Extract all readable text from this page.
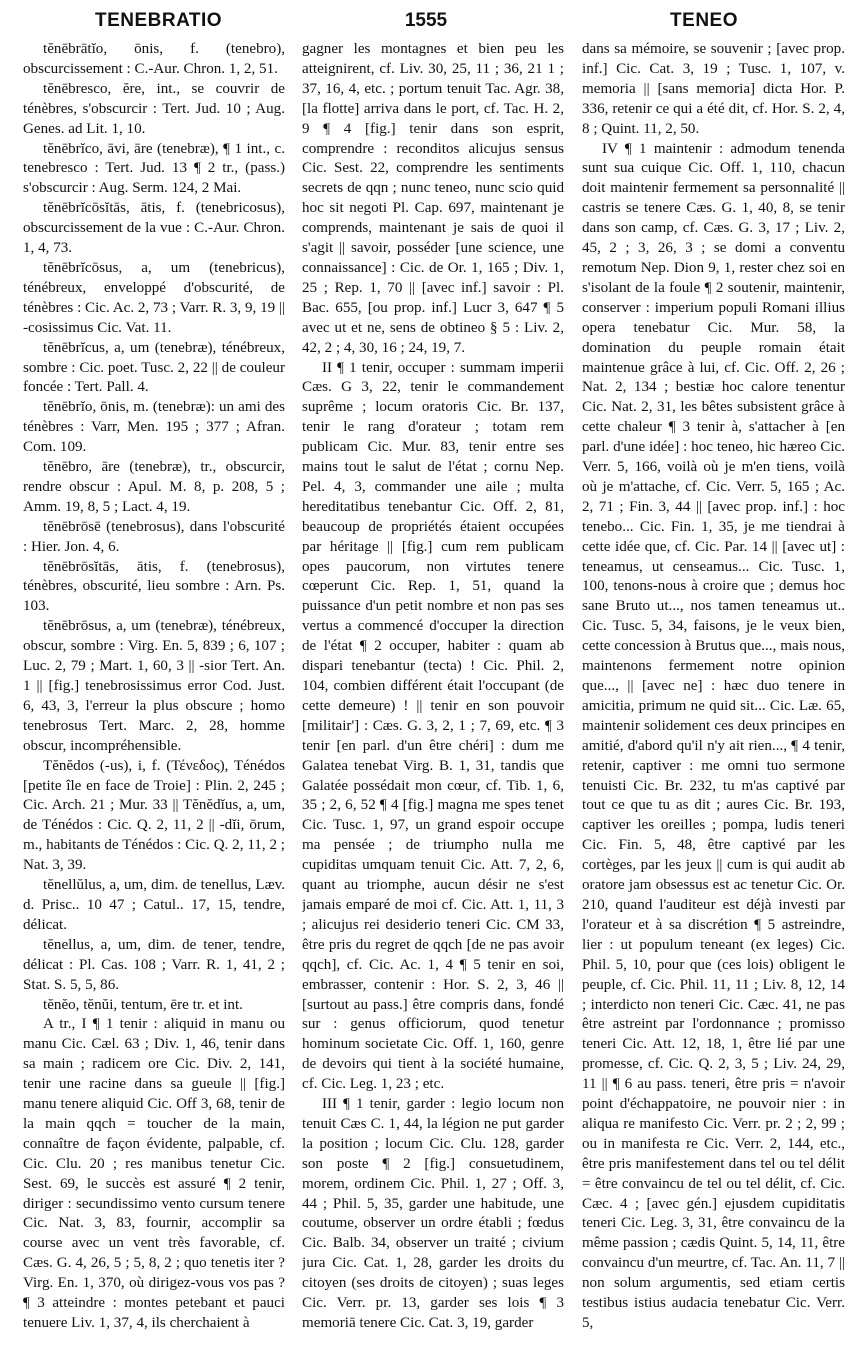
TENEBRATIO	1555	TENEO

tĕnēbrātĭo, ōnis, f. (tenebro), obscurcissement : C.-Aur. Chron. 1, 2, 51.

tĕnēbresco, ĕre, int., se couvrir de ténèbres, s'obscurcir : Tert. Jud. 10 ; Aug. Genes. ad Lit. 1, 10.

tĕnēbrĭco, āvi, āre (tenebræ), ¶ 1 int., c. tenebresco : Tert. Jud. 13 ¶ 2 tr., (pass.) s'obscurcir : Aug. Serm. 124, 2 Mai.

tĕnēbrĭcōsĭtās, ātis, f. (tenebricosus), obscurcissement de la vue : C.-Aur. Chron. 1, 4, 73.

tĕnēbrĭcōsus, a, um (tenebricus), ténébreux, enveloppé d'obscurité, de ténèbres : Cic. Ac. 2, 73 ; Varr. R. 3, 9, 19 || -cosissimus Cic. Vat. 11.

tĕnēbrĭcus, a, um (tenebræ), ténébreux, sombre : Cic. poet. Tusc. 2, 22 || de couleur foncée : Tert. Pall. 4.

tĕnēbrĭo, ōnis, m. (tenebræ): un ami des ténèbres : Varr, Men. 195 ; 377 ; Afran. Com. 109.

tĕnēbro, āre (tenebræ), tr., obscurcir, rendre obscur : Apul. M. 8, p. 208, 5 ; Amm. 19, 8, 5 ; Lact. 4, 19.

tĕnēbrōsē (tenebrosus), dans l'obscurité : Hier. Jon. 4, 6.

tĕnēbrōsĭtās, ātis, f. (tenebrosus), ténèbres, obscurité, lieu sombre : Arn. Ps. 103.

tĕnēbrōsus, a, um (tenebræ), ténébreux, obscur, sombre : Virg. En. 5, 839 ; 6, 107 ; Luc. 2, 79 ; Mart. 1, 60, 3 || -sior Tert. An. 1 || [fig.] tenebrosissimus error Cod. Just. 6, 43, 3, l'erreur la plus obscure ; homo tenebrosus Tert. Marc. 2, 28, homme obscur, incompréhensible.

Tĕnĕdos (-us), i, f. (Τένεδος), Ténédos [petite île en face de Troie] : Plin. 2, 245 ; Cic. Arch. 21 ; Mur. 33 || Tĕnĕdĭus, a, um, de Ténédos : Cic. Q. 2, 11, 2 || -dĭi, ōrum, m., habitants de Ténédos : Cic. Q. 2, 11, 2 ; Nat. 3, 39.

tĕnellŭlus, a, um, dim. de tenellus, Læv. d. Prisc.. 10 47 ; Catul.. 17, 15, tendre, délicat.

tĕnellus, a, um, dim. de tener, tendre, délicat : Pl. Cas. 108 ; Varr. R. 1, 41, 2 ; Stat. S. 5, 5, 86.

tĕnĕo, tĕnŭi, tentum, ēre tr. et int.

A tr., I ¶ 1 tenir : aliquid in manu ou manu Cic. Cæl. 63 ; Div. 1, 46, tenir dans sa main ; radicem ore Cic. Div. 2, 141, tenir une racine dans sa gueule || [fig.] manu tenere aliquid Cic. Off 3, 68, tenir de la main qqch = toucher de la main, connaître de façon évidente, palpable, cf. Cic. Clu. 20 ; res manibus tenetur Cic. Sest. 69, le succès est assuré ¶ 2 tenir, diriger : secundissimo vento cursum tenere Cic. Nat. 3, 83, fournir, accomplir sa course avec un vent très favorable, cf. Cæs. G. 4, 26, 5 ; 5, 8, 2 ; quo tenetis iter ? Virg. En. 1, 370, où dirigez-vous vos pas ? ¶ 3 atteindre : montes petebant et pauci tenuere Liv. 1, 37, 4, ils cherchaient à

gagner les montagnes et bien peu les atteignirent, cf. Liv. 30, 25, 11 ; 36, 21 1 ; 37, 16, 4, etc. ; portum tenuit Tac. Agr. 38, [la flotte] arriva dans le port, cf. Tac. H. 2, 9 ¶ 4 [fig.] tenir dans son esprit, comprendre : reconditos alicujus sensus Cic. Sest. 22, comprendre les sentiments secrets de qqn ; nunc teneo, nunc scio quid hoc sit negoti Pl. Cap. 697, maintenant je comprends, maintenant je sais de quoi il s'agit || savoir, posséder [une science, une connaissance] : Cic. de Or. 1, 165 ; Div. 1, 25 ; Rep. 1, 70 || [avec inf.] savoir : Pl. Bac. 655, [ou prop. inf.] Lucr 3, 647 ¶ 5 avec ut et ne, sens de obtineo § 5 : Liv. 2, 42, 2 ; 4, 30, 16 ; 24, 19, 7.

II ¶ 1 tenir, occuper : summam imperii Cæs. G 3, 22, tenir le commandement suprême ; locum oratoris Cic. Br. 137, tenir le rang d'orateur ; totam rem publicam Cic. Mur. 83, tenir entre ses mains tout le salut de l'état ; cornu Nep. Pel. 4, 3, commander une aile ; multa hereditatibus tenebantur Cic. Off. 2, 81, beaucoup de propriétés étaient occupées par héritage || [fig.] cum rem publicam opes paucorum, non virtutes tenere cœperunt Cic. Rep. 1, 51, quand la puissance d'un petit nombre et non pas ses vertus a commencé d'occuper la direction de l'état ¶ 2 occuper, habiter : quam ab dispari tenebantur (tecta) ! Cic. Phil. 2, 104, combien différent était l'occupant (de cette demeure) ! || tenir en son pouvoir [militair'] : Cæs. G. 3, 2, 1 ; 7, 69, etc. ¶ 3 tenir [en parl. d'un être chéri] : dum me Galatea tenebat Virg. B. 1, 31, tandis que Galatée possédait mon cœur, cf. Tib. 1, 6, 35 ; 2, 6, 52 ¶ 4 [fig.] magna me spes tenet Cic. Tusc. 1, 97, un grand espoir occupe ma pensée ; de triumpho nulla me cupiditas umquam tenuit Cic. Att. 7, 2, 6, quant au triomphe, aucun désir ne s'est jamais emparé de moi cf. Cic. Att. 1, 11, 3 ; alicujus rei desiderio teneri Cic. CM 33, être pris du regret de qqch [de ne pas avoir qqch], cf. Cic. Ac. 1, 4 ¶ 5 tenir en soi, embrasser, contenir : Hor. S. 2, 3, 46 || [surtout au pass.] être compris dans, fondé sur : genus officiorum, quod tenetur hominum societate Cic. Off. 1, 160, genre de devoirs qui tient à la société humaine, cf. Cic. Leg. 1, 23 ; etc.

III ¶ 1 tenir, garder : legio locum non tenuit Cæs C. 1, 44, la légion ne put garder la position ; locum Cic. Clu. 128, garder son poste ¶ 2 [fig.] consuetudinem, morem, ordinem Cic. Phil. 1, 27 ; Off. 3, 44 ; Phil. 5, 35, garder une habitude, une coutume, observer un ordre établi ; fœdus Cic. Balb. 34, observer un traité ; civium jura Cic. Cat. 1, 28, garder les droits du citoyen (ses droits de citoyen) ; suas leges Cic. Verr. pr. 13, garder ses lois ¶ 3 memoriā tenere Cic. Cat. 3, 19, garder

dans sa mémoire, se souvenir ; [avec prop. inf.] Cic. Cat. 3, 19 ; Tusc. 1, 107, v. memoria || [sans memoria] dicta Hor. P. 336, retenir ce qui a été dit, cf. Hor. S. 2, 4, 8 ; Quint. 11, 2, 50.

IV ¶ 1 maintenir : admodum tenenda sunt sua cuique Cic. Off. 1, 110, chacun doit maintenir fermement sa personnalité || castris se tenere Cæs. G. 1, 40, 8, se tenir dans son camp, cf. Cæs. G. 3, 17 ; Liv. 2, 45, 2 ; 3, 26, 3 ; se domi a conventu remotum Nep. Dion 9, 1, rester chez soi en s'isolant de la foule ¶ 2 soutenir, maintenir, conserver : imperium populi Romani illius opera tenebatur Cic. Mur. 58, la domination du peuple romain était maintenue grâce à lui, cf. Cic. Off. 2, 26 ; Nat. 2, 134 ; bestiæ hoc calore tenentur Cic. Nat. 2, 31, les bêtes subsistent grâce à cette chaleur ¶ 3 tenir à, s'attacher à [en parl. d'une idée] : hoc teneo, hic hæreo Cic. Verr. 5, 166, voilà où je m'en tiens, voilà où je m'attache, cf. Cic. Verr. 5, 165 ; Ac. 2, 71 ; Fin. 3, 44 || [avec prop. inf.] : hoc tenebo... Cic. Fin. 1, 35, je me tiendrai à cette idée que, cf. Cic. Par. 14 || [avec ut] : teneamus, ut censeamus... Cic. Tusc. 1, 100, tenons-nous à croire que ; demus hoc sane Bruto ut..., nos tamen teneamus ut.. Cic. Tusc. 5, 34, faisons, je le veux bien, cette concession à Brutus que..., mais nous, maintenons fermement notre opinion que..., || [avec ne] : hæc duo tenere in amicitia, primum ne quid sit... Cic. Læ. 65, maintenir solidement ces deux principes en amitié, d'abord qu'il n'y ait rien..., ¶ 4 tenir, retenir, captiver : me omni tuo sermone tenuisti Cic. Br. 232, tu m'as captivé par tout ce que tu as dit ; aures Cic. Br. 193, captiver les oreilles ; pompa, ludis teneri Cic. Fin. 5, 48, être captivé par les cortèges, par les jeux || cum is qui audit ab oratore jam obsessus est ac tenetur Cic. Or. 210, quand l'auditeur est déjà investi par l'orateur et à sa discrétion ¶ 5 astreindre, lier : ut populum teneant (ex leges) Cic. Phil. 5, 10, pour que (ces lois) obligent le peuple, cf. Cic. Phil. 11, 11 ; Liv. 8, 12, 14 ; interdicto non teneri Cic. Cæc. 41, ne pas être astreint par l'ordonnance ; promisso teneri Cic. Att. 12, 18, 1, être lié par une promesse, cf. Cic. Q. 2, 3, 5 ; Liv. 24, 29, 11 || ¶ 6 au pass. teneri, être pris = n'avoir point d'échappatoire, ne pouvoir nier : in aliqua re manifesto Cic. Verr. pr. 2 ; 2, 99 ; ou in manifesta re Cic. Verr. 2, 144, etc., être pris manifestement dans tel ou tel délit = être convaincu de tel ou tel délit, cf. Cic. Cæc. 4 ; [avec gén.] ejusdem cupiditatis teneri Cic. Leg. 3, 31, être convaincu de la même passion ; cædis Quint. 5, 14, 11, être convaincu d'un meurtre, cf. Tac. An. 11, 7 || non solum argumentis, sed etiam certis testibus istius audacia tenebatur Cic. Verr. 5,
